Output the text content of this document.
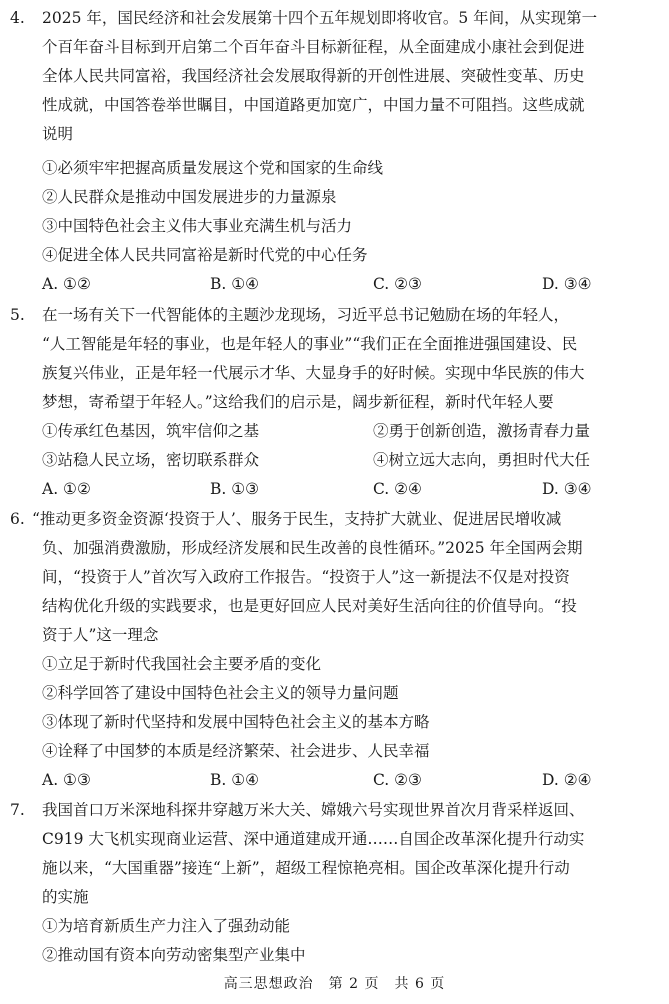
4. 2025 年，国民经济和社会发展第十四个五年规划即将收官。5 年间，从实现第一
个百年奋斗目标到开启第二个百年奋斗目标新征程，从全面建成小康社会到促进
全体人民共同富裕，我国经济社会发展取得新的开创性进展、突破性变革、历史
性成就，中国答卷举世瞩目，中国道路更加宽广，中国力量不可阻挡。这些成就
说明
①必须牢牢把握高质量发展这个党和国家的生命线
②人民群众是推动中国发展进步的力量源泉
③中国特色社会主义伟大事业充满生机与活力
④促进全体人民共同富裕是新时代党的中心任务
A. ①②	B. ①④	C. ②③	D. ③④
5. 在一场有关下一代智能体的主题沙龙现场，习近平总书记勉励在场的年轻人，
“人工智能是年轻的事业，也是年轻人的事业”“我们正在全面推进强国建设、民
族复兴伟业，正是年轻一代展示才华、大显身手的好时候。实现中华民族的伟大
梦想，寄希望于年轻人。”这给我们的启示是，阔步新征程，新时代年轻人要
①传承红色基因，筑牢信仰之基	②勇于创新创造，激扬青春力量
③站稳人民立场，密切联系群众	④树立远大志向，勇担时代大任
A. ①②	B. ①③	C. ②④	D. ③④
6. “推动更多资金资源‘投资于人’、服务于民生，支持扩大就业、促进居民增收减
负、加强消费激励，形成经济发展和民生改善的良性循环。”2025 年全国两会期
间，“投资于人”首次写入政府工作报告。“投资于人”这一新提法不仅是对投资
结构优化升级的实践要求，也是更好回应人民对美好生活向往的价值导向。“投
资于人”这一理念
①立足于新时代我国社会主要矛盾的变化
②科学回答了建设中国特色社会主义的领导力量问题
③体现了新时代坚持和发展中国特色社会主义的基本方略
④诠释了中国梦的本质是经济繁荣、社会进步、人民幸福
A. ①③	B. ①④	C. ②③	D. ②④
7. 我国首口万米深地科探井穿越万米大关、嫦娥六号实现世界首次月背采样返回、
C919 大飞机实现商业运营、深中通道建成开通……自国企改革深化提升行动实
施以来，“大国重器”接连“上新”，超级工程惊艳亮相。国企改革深化提升行动
的实施
①为培育新质生产力注入了强劲动能
②推动国有资本向劳动密集型产业集中
高三思想政治　第 2 页　共 6 页
